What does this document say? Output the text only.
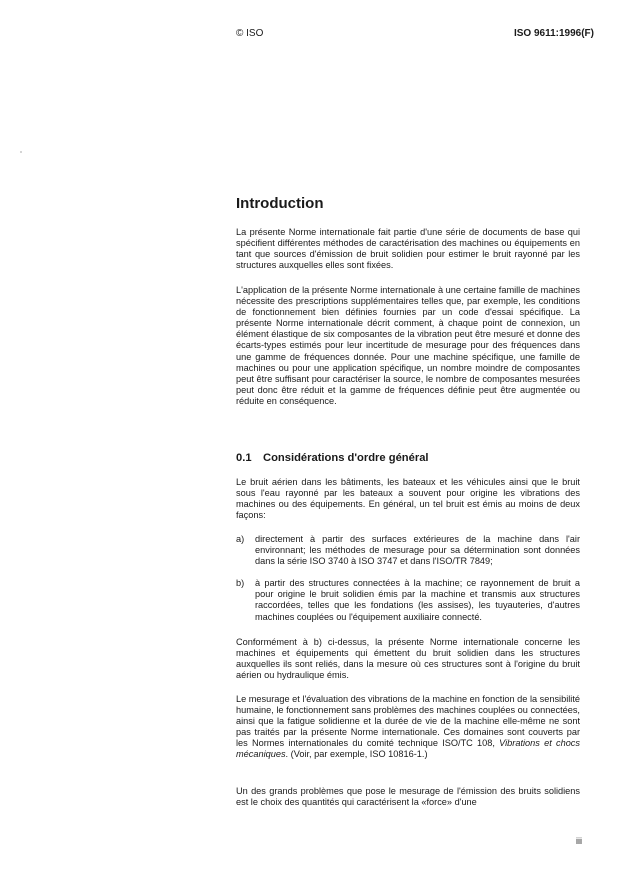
© ISO	ISO 9611:1996(F)
Introduction

La présente Norme internationale fait partie d'une série de documents de base qui spécifient différentes méthodes de caractérisation des machines ou équipements en tant que sources d'émission de bruit solidien pour estimer le bruit rayonné par les structures auxquelles elles sont fixées.

L'application de la présente Norme internationale à une certaine famille de machines nécessite des prescriptions supplémentaires telles que, par exemple, les conditions de fonctionnement bien définies fournies par un code d'essai spécifique. La présente Norme internationale décrit comment, à chaque point de connexion, un élément élastique de six composantes de la vibration peut être mesuré et donne des écarts-types estimés pour leur incertitude de mesurage pour des fréquences dans une gamme de fréquences donnée. Pour une machine spécifique, une famille de machines ou pour une application spécifique, un nombre moindre de composantes peut être suffisant pour caractériser la source, le nombre de composantes mesurées peut donc être réduit et la gamme de fréquences définie peut être augmentée ou réduite en conséquence.

0.1 Considérations d'ordre général

Le bruit aérien dans les bâtiments, les bateaux et les véhicules ainsi que le bruit sous l'eau rayonné par les bateaux a souvent pour origine les vibrations des machines ou des équipements. En général, un tel bruit est émis au moins de deux façons:

a) directement à partir des surfaces extérieures de la machine dans l'air environnant; les méthodes de mesurage pour sa détermination sont données dans la série ISO 3740 à ISO 3747 et dans l'ISO/TR 7849;
b) à partir des structures connectées à la machine; ce rayonnement de bruit a pour origine le bruit solidien émis par la machine et transmis aux structures raccordées, telles que les fondations (les assises), les tuyauteries, d'autres machines couplées ou l'équipement auxiliaire connecté.

Conformément à b) ci-dessus, la présente Norme internationale concerne les machines et équipements qui émettent du bruit solidien dans les structures auxquelles ils sont reliés, dans la mesure où ces structures sont à l'origine du bruit aérien ou hydraulique émis.

Le mesurage et l'évaluation des vibrations de la machine en fonction de la sensibilité humaine, le fonctionnement sans problèmes des machines couplées ou connectées, ainsi que la fatigue solidienne et la durée de vie de la machine elle-même ne sont pas traités par la présente Norme internationale. Ces domaines sont couverts par les Normes internationales du comité technique ISO/TC 108, Vibrations et chocs mécaniques. (Voir, par exemple, ISO 10816-1.)

Un des grands problèmes que pose le mesurage de l'émission des bruits solidiens est le choix des quantités qui caractérisent la «force» d'une

iii
